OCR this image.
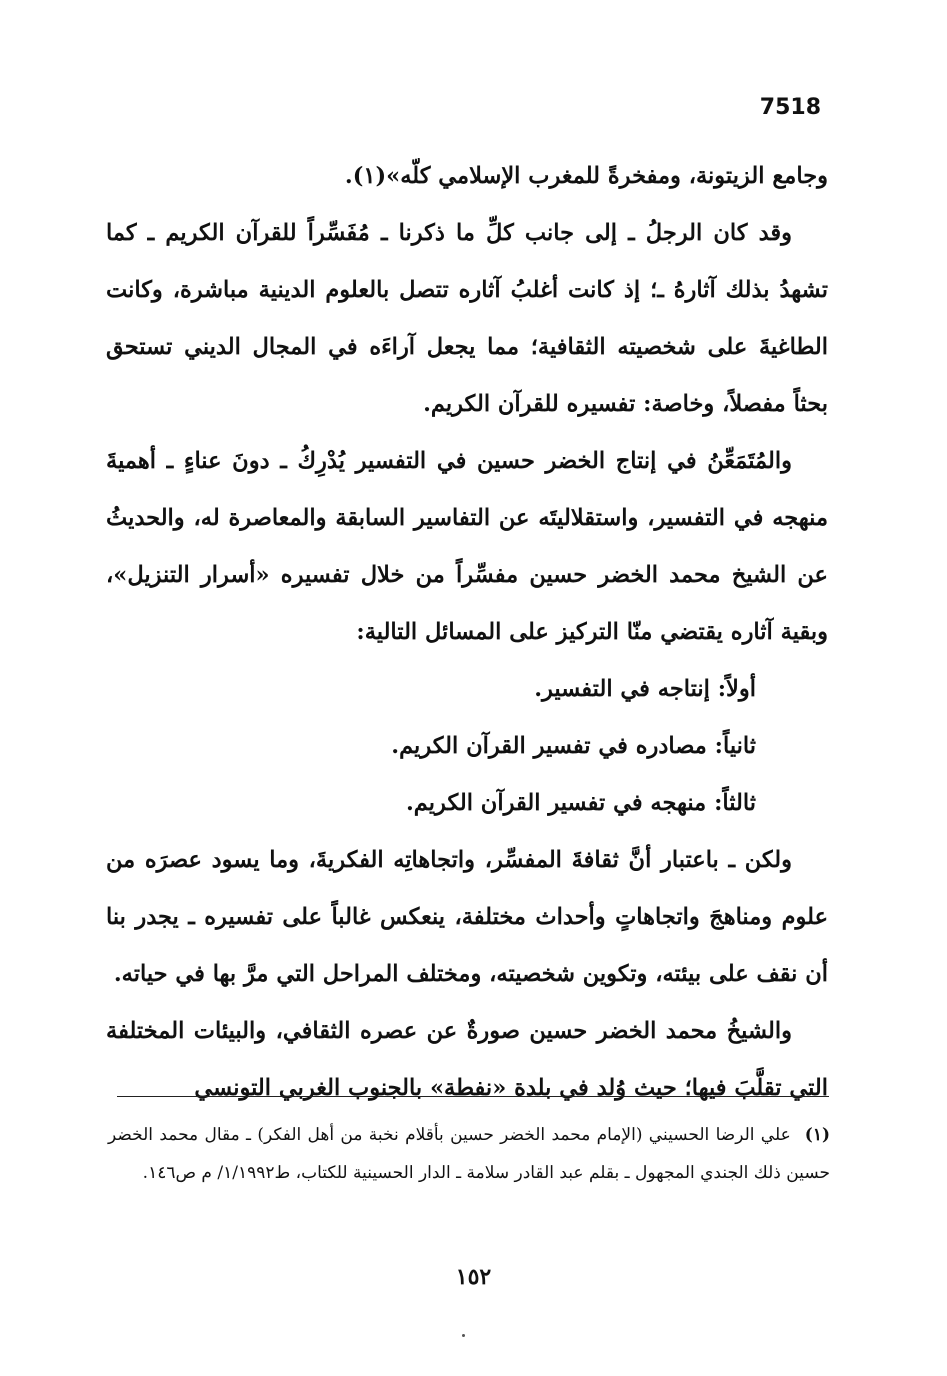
7518

وجامع الزيتونة، ومفخرةً للمغرب الإسلامي كلّه»(١).

وقد كان الرجلُ ـ إلى جانب كلِّ ما ذكرنا ـ مُفَسِّراً للقرآن الكريم ـ كما تشهدُ بذلك آثارهُ ـ؛ إذ كانت أغلبُ آثاره تتصل بالعلوم الدينية مباشرة، وكانت الطاغيةَ على شخصيته الثقافية؛ مما يجعل آراءَه في المجال الديني تستحق بحثاً مفصلاً، وخاصة: تفسيره للقرآن الكريم.

والمُتَمَعِّنُ في إنتاج الخضر حسين في التفسير يُدْرِكُ ـ دونَ عناءٍ ـ أهميةَ منهجه في التفسير، واستقلاليتَه عن التفاسير السابقة والمعاصرة له، والحديثُ عن الشيخ محمد الخضر حسين مفسِّراً من خلال تفسيره «أسرار التنزيل»، وبقية آثاره يقتضي منّا التركيز على المسائل التالية:

أولاً: إنتاجه في التفسير.

ثانياً: مصادره في تفسير القرآن الكريم.

ثالثاً: منهجه في تفسير القرآن الكريم.

ولكن ـ باعتبار أنَّ ثقافةَ المفسِّر، واتجاهاتِه الفكريةَ، وما يسود عصرَه من علوم ومناهجَ واتجاهاتٍ وأحداث مختلفة، ينعكس غالباً على تفسيره ـ يجدر بنا أن نقف على بيئته، وتكوين شخصيته، ومختلف المراحل التي مرَّ بها في حياته.

والشيخُ محمد الخضر حسين صورةٌ عن عصره الثقافي، والبيئات المختلفة التي تقلَّبَ فيها؛ حيث وُلد في بلدة «نفطة» بالجنوب الغربي التونسي

(١)علي الرضا الحسيني (الإمام محمد الخضر حسين بأقلام نخبة من أهل الفكر) ـ مقال محمد الخضر حسين ذلك الجندي المجهول ـ بقلم عبد القادر سلامة ـ الدار الحسينية للكتاب، ط١/١٩٩٢/ م ص١٤٦.

١٥٢
